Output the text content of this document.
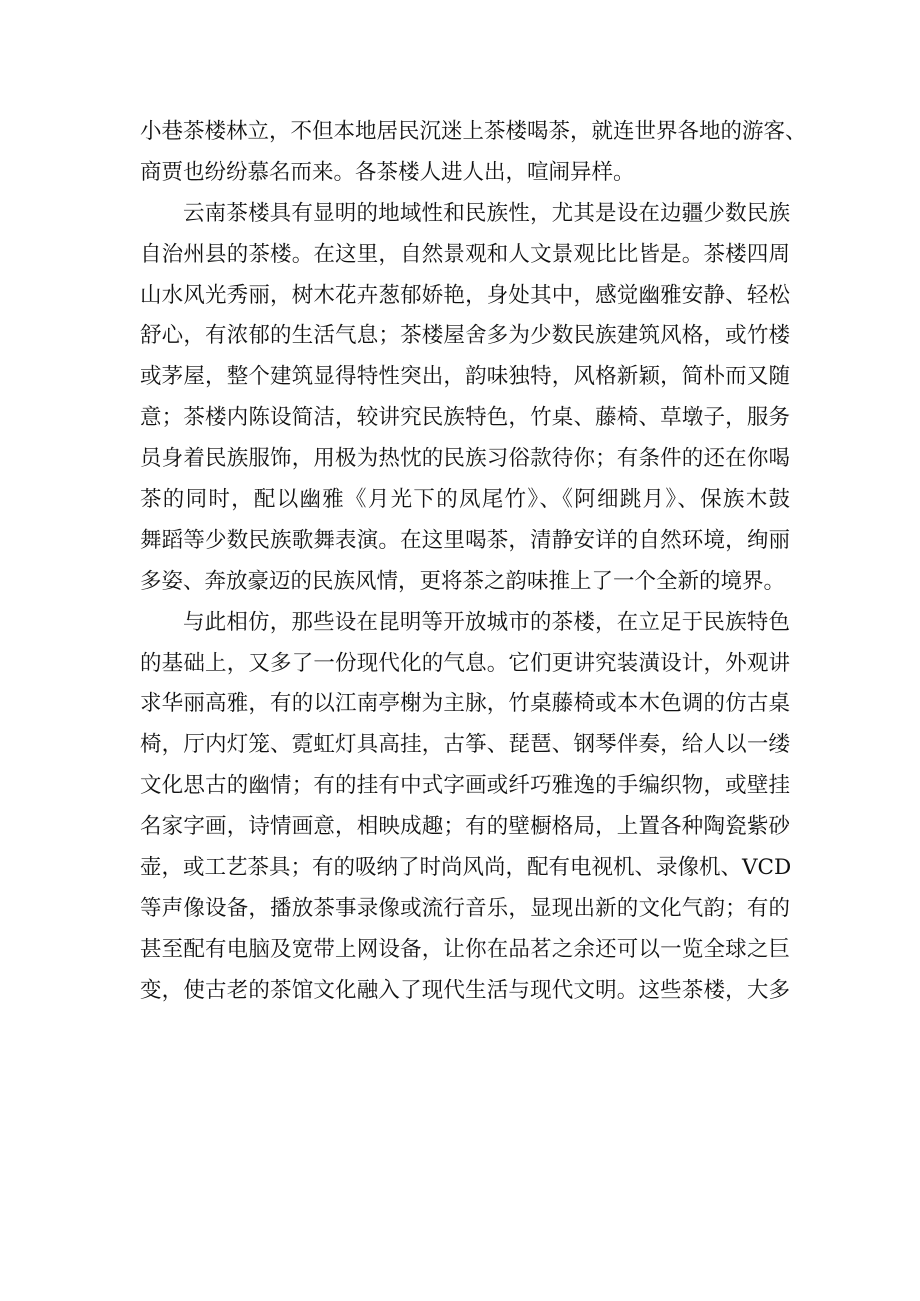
小巷茶楼林立，不但本地居民沉迷上茶楼喝茶，就连世界各地的游客、
商贾也纷纷慕名而来。各茶楼人进人出，喧闹异样。
云南茶楼具有显明的地域性和民族性，尤其是设在边疆少数民族
自治州县的茶楼。在这里，自然景观和人文景观比比皆是。茶楼四周
山水风光秀丽，树木花卉葱郁娇艳，身处其中，感觉幽雅安静、轻松
舒心，有浓郁的生活气息；茶楼屋舍多为少数民族建筑风格，或竹楼
或茅屋，整个建筑显得特性突出，韵味独特，风格新颖，简朴而又随
意；茶楼内陈设简洁，较讲究民族特色，竹桌、藤椅、草墩子，服务
员身着民族服饰，用极为热忱的民族习俗款待你；有条件的还在你喝
茶的同时，配以幽雅《月光下的凤尾竹》、《阿细跳月》、保族木鼓
舞蹈等少数民族歌舞表演。在这里喝茶，清静安详的自然环境，绚丽
多姿、奔放豪迈的民族风情，更将茶之韵味推上了一个全新的境界。
与此相仿，那些设在昆明等开放城市的茶楼，在立足于民族特色
的基础上，又多了一份现代化的气息。它们更讲究装潢设计，外观讲
求华丽高雅，有的以江南亭榭为主脉，竹桌藤椅或本木色调的仿古桌
椅，厅内灯笼、霓虹灯具高挂，古筝、琵琶、钢琴伴奏，给人以一缕
文化思古的幽情；有的挂有中式字画或纤巧雅逸的手编织物，或壁挂
名家字画，诗情画意，相映成趣；有的壁橱格局，上置各种陶瓷紫砂
壶，或工艺茶具；有的吸纳了时尚风尚，配有电视机、录像机、VCD
等声像设备，播放茶事录像或流行音乐，显现出新的文化气韵；有的
甚至配有电脑及宽带上网设备，让你在品茗之余还可以一览全球之巨
变，使古老的茶馆文化融入了现代生活与现代文明。这些茶楼，大多
